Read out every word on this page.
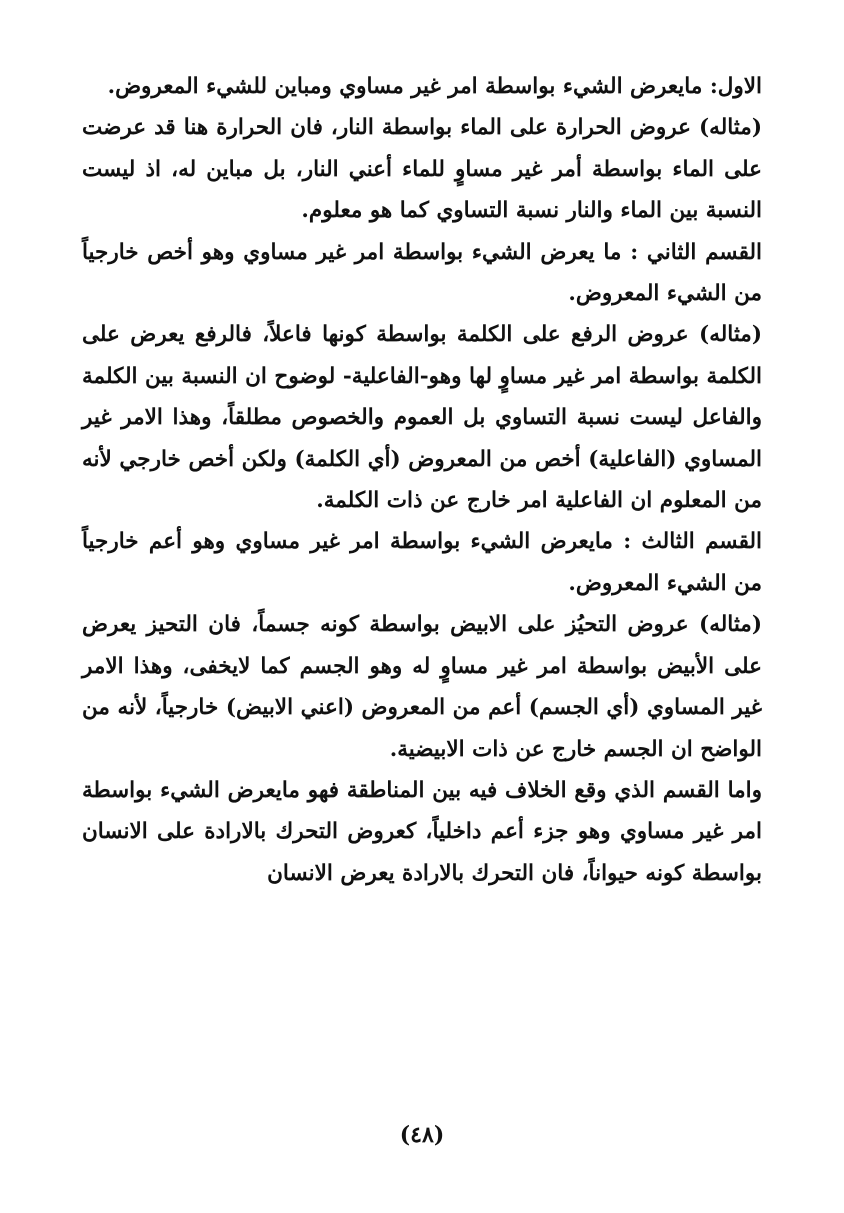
الاول: مايعرض الشيء بواسطة امر غير مساوي ومباين للشيء المعروض.

(مثاله) عروض الحرارة على الماء بواسطة النار، فان الحرارة هنا قد عرضت على الماء بواسطة أمر غير مساوٍ للماء أعني النار، بل مباين له، اذ ليست النسبة بين الماء والنار نسبة التساوي كما هو معلوم.

القسم الثاني : ما يعرض الشيء بواسطة امر غير مساوي وهو أخص خارجياً من الشيء المعروض.

(مثاله) عروض الرفع على الكلمة بواسطة كونها فاعلاً، فالرفع يعرض على الكلمة بواسطة امر غير مساوٍ لها وهو-الفاعلية- لوضوح ان النسبة بين الكلمة والفاعل ليست نسبة التساوي بل العموم والخصوص مطلقاً، وهذا الامر غير المساوي (الفاعلية) أخص من المعروض (أي الكلمة) ولكن أخص خارجي لأنه من المعلوم ان الفاعلية امر خارج عن ذات الكلمة.

القسم الثالث : مايعرض الشيء بواسطة امر غير مساوي وهو أعم خارجياً من الشيء المعروض.

(مثاله) عروض التحيُز على الابيض بواسطة كونه جسماً، فان التحيز يعرض على الأبيض بواسطة امر غير مساوٍ له وهو الجسم كما لايخفى، وهذا الامر غير المساوي (أي الجسم) أعم من المعروض (اعني الابيض) خارجياً، لأنه من الواضح ان الجسم خارج عن ذات الابيضية.

واما القسم الذي وقع الخلاف فيه بين المناطقة فهو مايعرض الشيء بواسطة امر غير مساوي وهو جزء أعم داخلياً، كعروض التحرك بالارادة على الانسان بواسطة كونه حيواناً، فان التحرك بالارادة يعرض الانسان

(٤٨)
